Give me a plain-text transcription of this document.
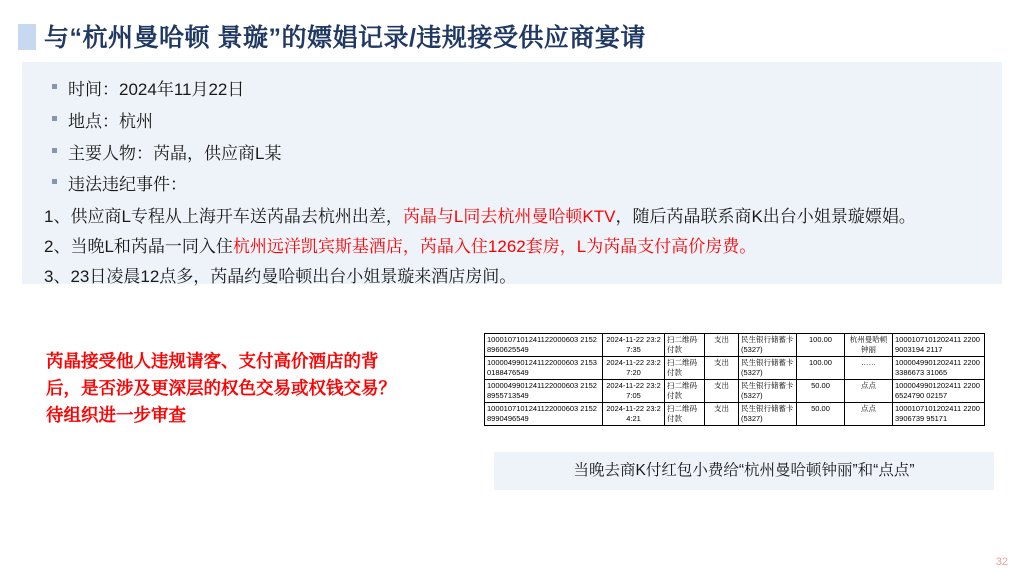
与“杭州曼哈顿 景璇”的嫖娼记录/违规接受供应商宴请
时间：2024年11月22日
地点：杭州
主要人物：芮晶，供应商L某
违法违纪事件：
1、供应商L专程从上海开车送芮晶去杭州出差，芮晶与L同去杭州曼哈顿KTV，随后芮晶联系商K出台小姐景璇嫖娼。
2、当晚L和芮晶一同入住杭州远洋凯宾斯基酒店，芮晶入住1262套房，L为芮晶支付高价房费。
3、23日凌晨12点多，芮晶约曼哈顿出台小姐景璇来酒店房间。
芮晶接受他人违规请客、支付高价酒店的背
后，是否涉及更深层的权色交易或权钱交易？
待组织进一步审查
1000107101241122000603 21528960625549	2024-11-22 23:27:35	扫二维码付款	支出	民生银行储蓄卡(5327)	100.00	杭州曼哈顿钟丽	1000107101202411 22009003194 2117
1000049901241122000603 21530188476549	2024-11-22 23:27:20	扫二维码付款	支出	民生银行储蓄卡(5327)	100.00	……	1000049901202411 22003386673 31065
1000049901241122000603 21528955713549	2024-11-22 23:27:05	扫二维码付款	支出	民生银行储蓄卡(5327)	50.00	点点	1000049901202411 22006524790 02157
1000107101241122000603 21528990496549	2024-11-22 23:24:21	扫二维码付款	支出	民生银行储蓄卡(5327)	50.00	点点	1000107101202411 22003906739 95171
当晚去商K付红包小费给“杭州曼哈顿钟丽”和“点点”
32
